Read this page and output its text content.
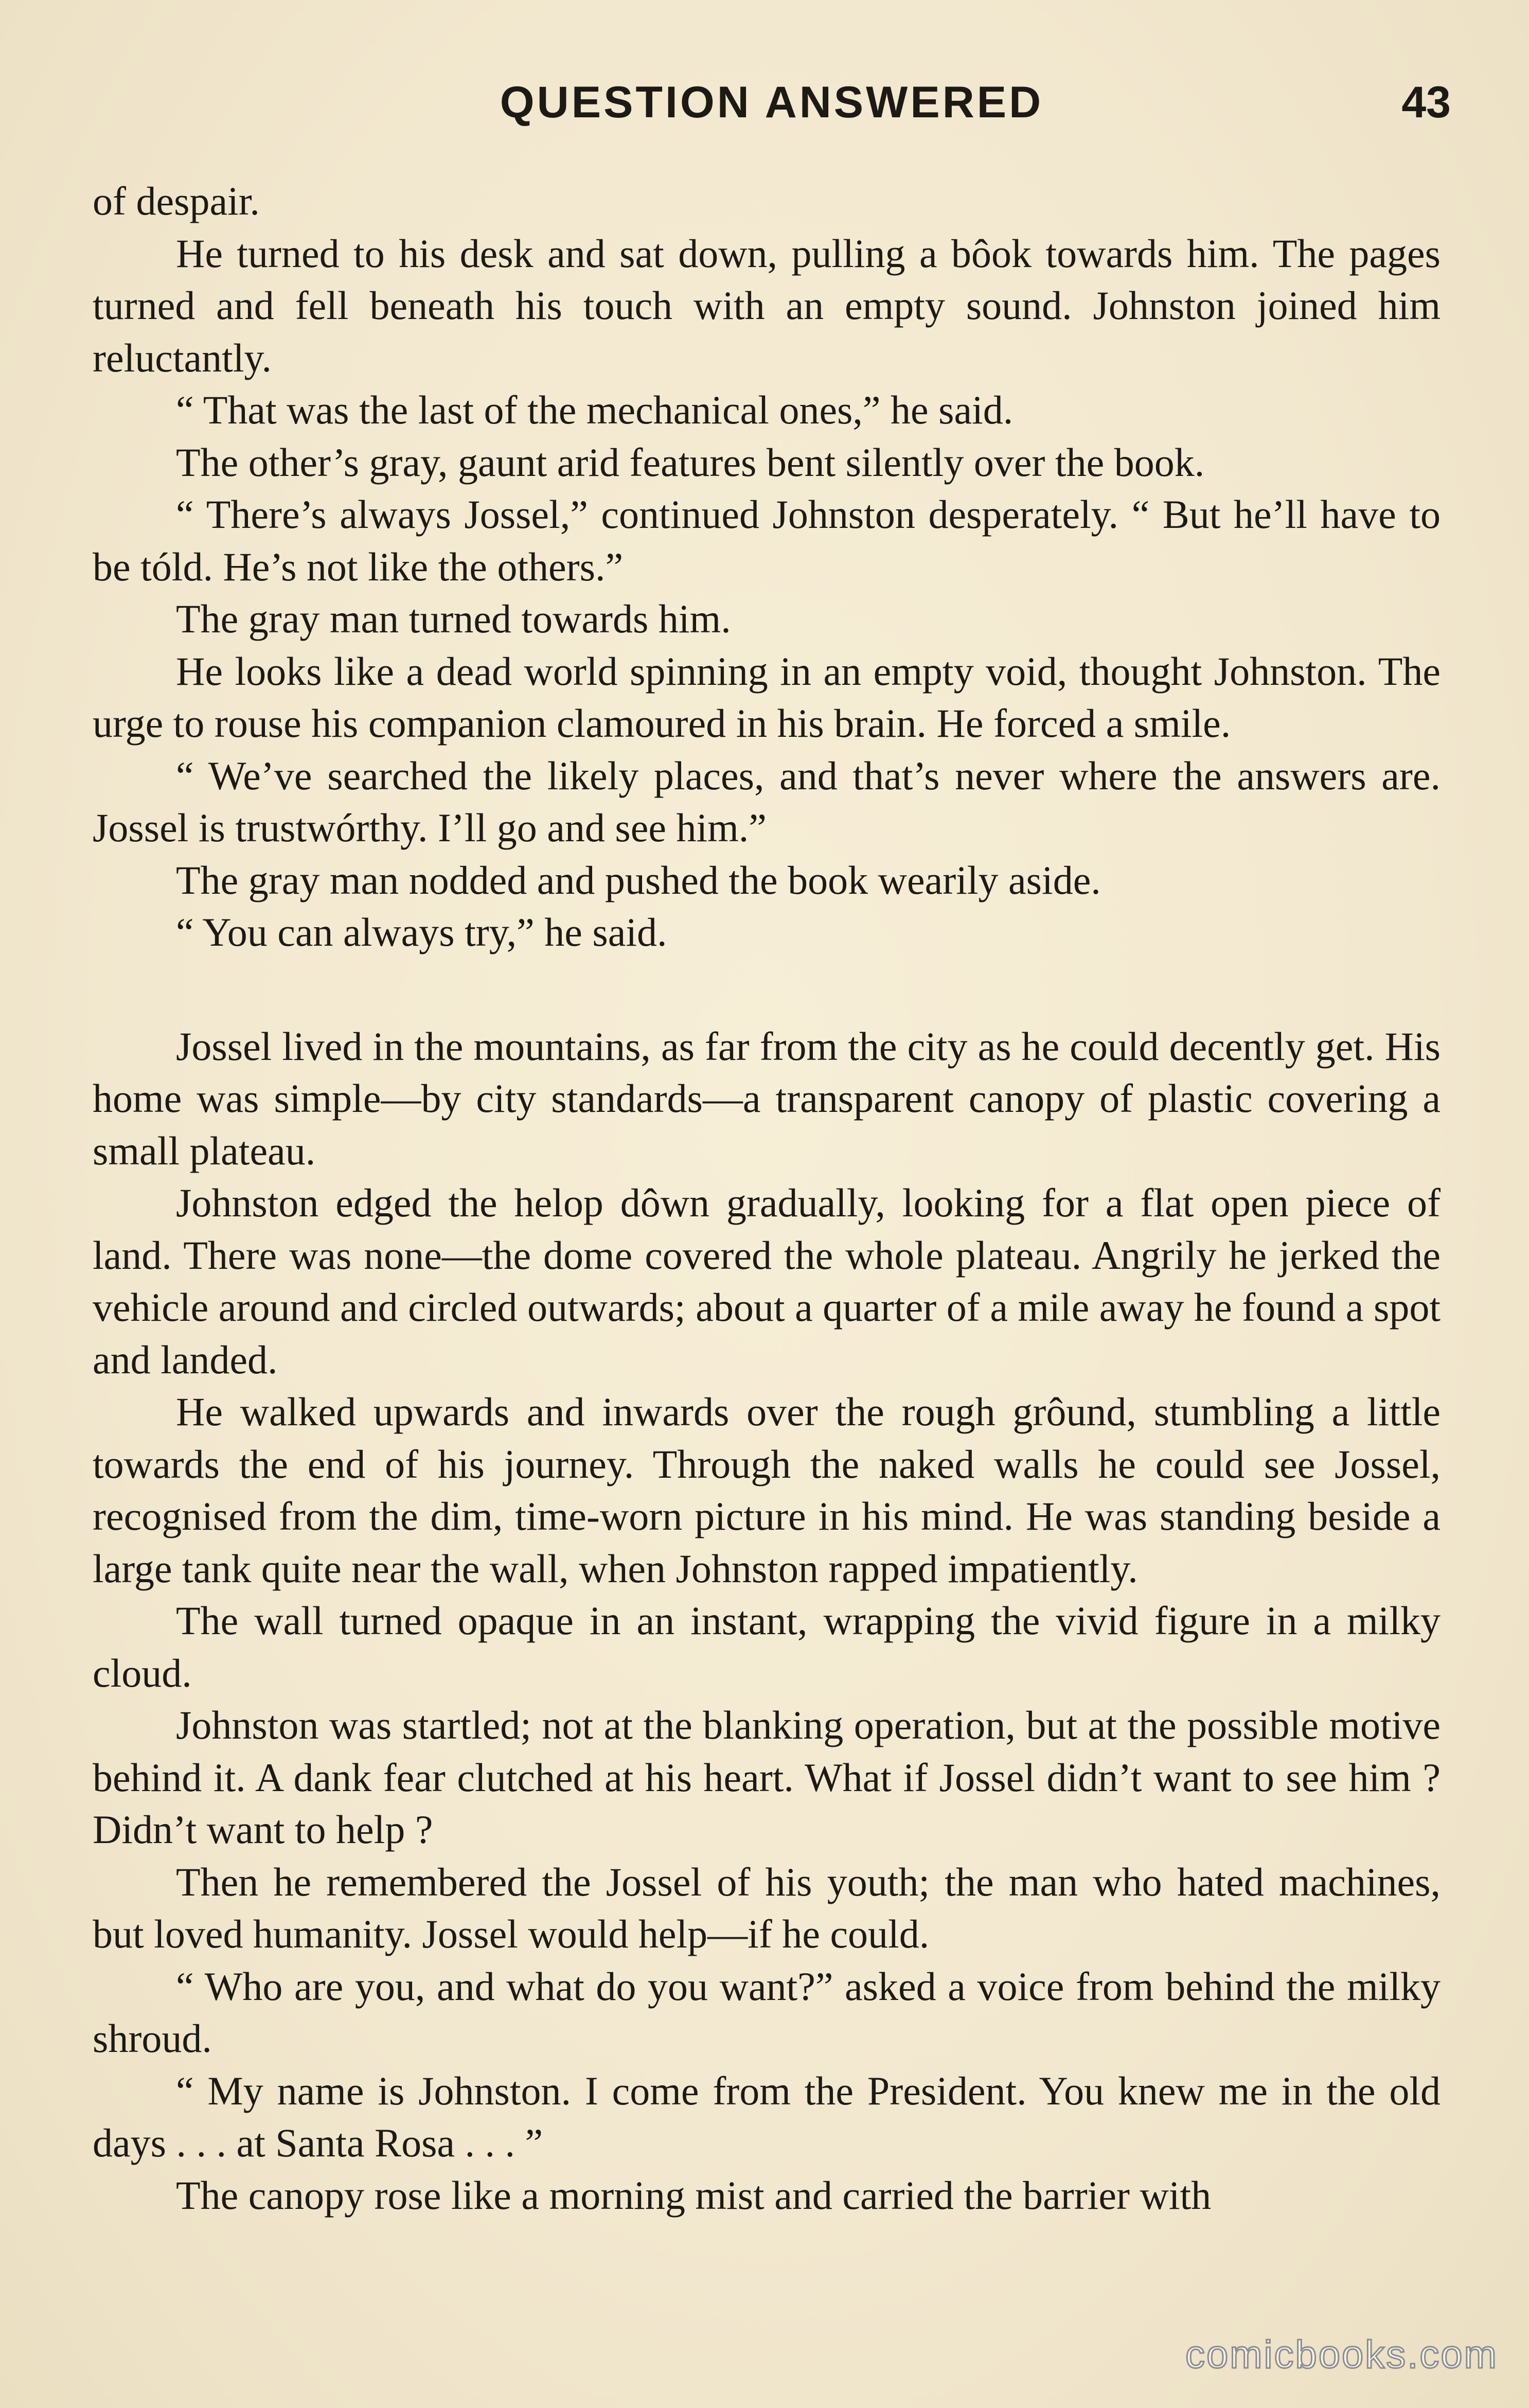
QUESTION ANSWERED	43

of despair.

He turned to his desk and sat down, pulling a bôok towards him. The pages turned and fell beneath his touch with an empty sound. Johnston joined him reluctantly.

“ That was the last of the mechanical ones,” he said.

The other’s gray, gaunt arid features bent silently over the book.

“ There’s always Jossel,” continued Johnston desperately. “ But he’ll have to be tóld. He’s not like the others.”

The gray man turned towards him.

He looks like a dead world spinning in an empty void, thought Johnston. The urge to rouse his companion clamoured in his brain. He forced a smile.

“ We’ve searched the likely places, and that’s never where the answers are. Jossel is trustwórthy. I’ll go and see him.”

The gray man nodded and pushed the book wearily aside.

“ You can always try,” he said.

Jossel lived in the mountains, as far from the city as he could decently get. His home was simple—by city standards—a transparent canopy of plastic covering a small plateau.

Johnston edged the helop dôwn gradually, looking for a flat open piece of land. There was none—the dome covered the whole plateau. Angrily he jerked the vehicle around and circled outwards; about a quarter of a mile away he found a spot and landed.

He walked upwards and inwards over the rough grôund, stumbling a little towards the end of his journey. Through the naked walls he could see Jossel, recognised from the dim, time-worn picture in his mind. He was standing beside a large tank quite near the wall, when Johnston rapped impatiently.

The wall turned opaque in an instant, wrapping the vivid figure in a milky cloud.

Johnston was startled; not at the blanking operation, but at the possible motive behind it. A dank fear clutched at his heart. What if Jossel didn’t want to see him ? Didn’t want to help ?

Then he remembered the Jossel of his youth; the man who hated machines, but loved humanity. Jossel would help—if he could.

“ Who are you, and what do you want?” asked a voice from behind the milky shroud.

“ My name is Johnston. I come from the President. You knew me in the old days . . . at Santa Rosa . . . ”

The canopy rose like a morning mist and carried the barrier with

comicbooks.com
